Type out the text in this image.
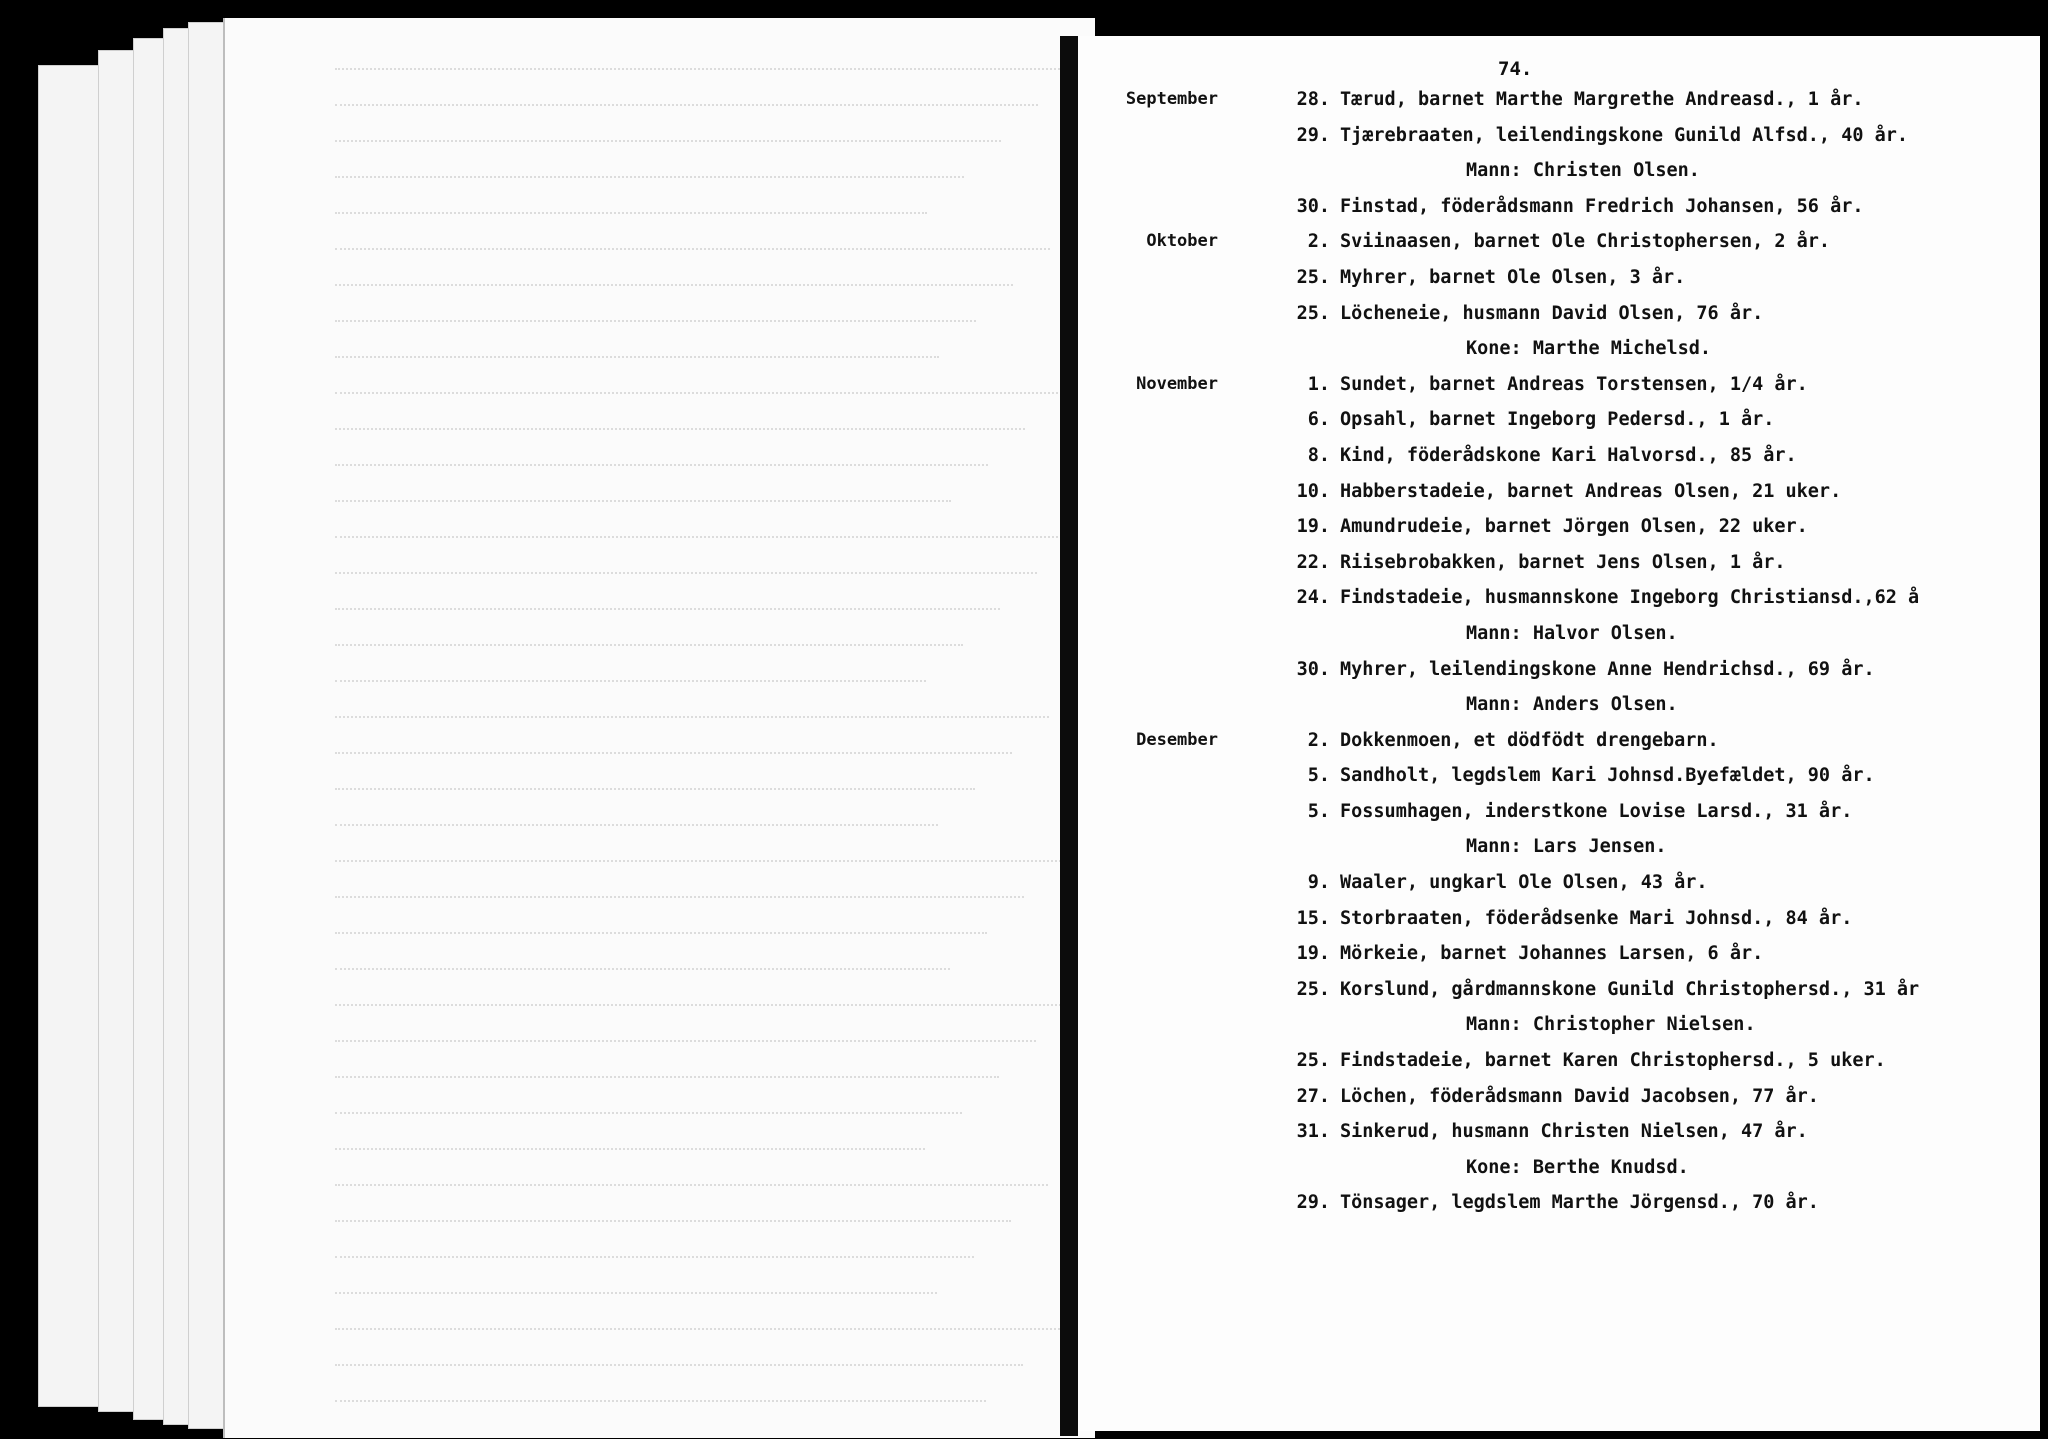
74.
September	28. Tærud, barnet Marthe Margrethe Andreasd., 1 år.
29. Tjærebraaten, leilendingskone Gunild Alfsd., 40 år.
Mann: Christen Olsen.
30. Finstad, föderådsmann Fredrich Johansen, 56 år.
Oktober	2. Sviinaasen, barnet Ole Christophersen, 2 år.
25. Myhrer, barnet Ole Olsen, 3 år.
25. Löcheneie, husmann David Olsen, 76 år.
Kone: Marthe Michelsd.
November	1. Sundet, barnet Andreas Torstensen, 1/4 år.
6. Opsahl, barnet Ingeborg Pedersd., 1 år.
8. Kind, föderådskone Kari Halvorsd., 85 år.
10. Habberstadeie, barnet Andreas Olsen, 21 uker.
19. Amundrudeie, barnet Jörgen Olsen, 22 uker.
22. Riisebrobakken, barnet Jens Olsen, 1 år.
24. Findstadeie, husmannskone Ingeborg Christiansd.,62 å
Mann: Halvor Olsen.
30. Myhrer, leilendingskone Anne Hendrichsd., 69 år.
Mann: Anders Olsen.
Desember	2. Dokkenmoen, et dödfödt drengebarn.
5. Sandholt, legdslem Kari Johnsd.Byefældet, 90 år.
5. Fossumhagen, inderstkone Lovise Larsd., 31 år.
Mann: Lars Jensen.
9. Waaler, ungkarl Ole Olsen, 43 år.
15. Storbraaten, föderådsenke Mari Johnsd., 84 år.
19. Mörkeie, barnet Johannes Larsen, 6 år.
25. Korslund, gårdmannskone Gunild Christophersd., 31 år
Mann: Christopher Nielsen.
25. Findstadeie, barnet Karen Christophersd., 5 uker.
27. Löchen, föderådsmann David Jacobsen, 77 år.
31. Sinkerud, husmann Christen Nielsen, 47 år.
Kone: Berthe Knudsd.
29. Tönsager, legdslem Marthe Jörgensd., 70 år.
